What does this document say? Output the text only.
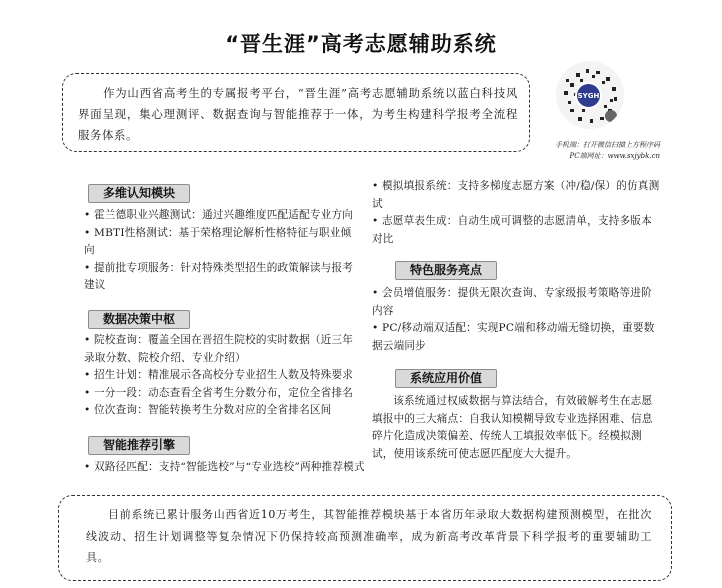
“晋生涯”高考志愿辅助系统
作为山西省高考生的专属报考平台，“晋生涯”高考志愿辅助系统以蓝白科技风界面呈现，集心理测评、数据查询与智能推荐于一体，为考生构建科学报考全流程服务体系。
SYGH
手机端：打开微信扫描上方程序码
PC端网址：www.sxjybk.cn
多维认知模块

• 霍兰德职业兴趣测试：通过兴趣维度匹配适配专业方向

• MBTI性格测试：基于荣格理论解析性格特征与职业倾向

• 提前批专项服务：针对特殊类型招生的政策解读与报考建议

数据决策中枢

• 院校查询：覆盖全国在晋招生院校的实时数据（近三年录取分数、院校介绍、专业介绍）

• 招生计划：精准展示各高校分专业招生人数及特殊要求

• 一分一段：动态查看全省考生分数分布，定位全省排名

• 位次查询：智能转换考生分数对应的全省排名区间

智能推荐引擎

• 双路径匹配：支持“智能选校”与“专业选校”两种推荐模式

• 模拟填报系统：支持多梯度志愿方案（冲/稳/保）的仿真测试

• 志愿草表生成：自动生成可调整的志愿清单，支持多版本对比

特色服务亮点

• 会员增值服务：提供无限次查询、专家级报考策略等进阶内容

• PC/移动端双适配：实现PC端和移动端无缝切换，重要数据云端同步

系统应用价值
该系统通过权威数据与算法结合，有效破解考生在志愿填报中的三大痛点：自我认知模糊导致专业选择困难、信息碎片化造成决策偏差、传统人工填报效率低下。经模拟测试，使用该系统可使志愿匹配度大大提升。
目前系统已累计服务山西省近10万考生，其智能推荐模块基于本省历年录取大数据构建预测模型，在批次线波动、招生计划调整等复杂情况下仍保持较高预测准确率，成为新高考改革背景下科学报考的重要辅助工具。
